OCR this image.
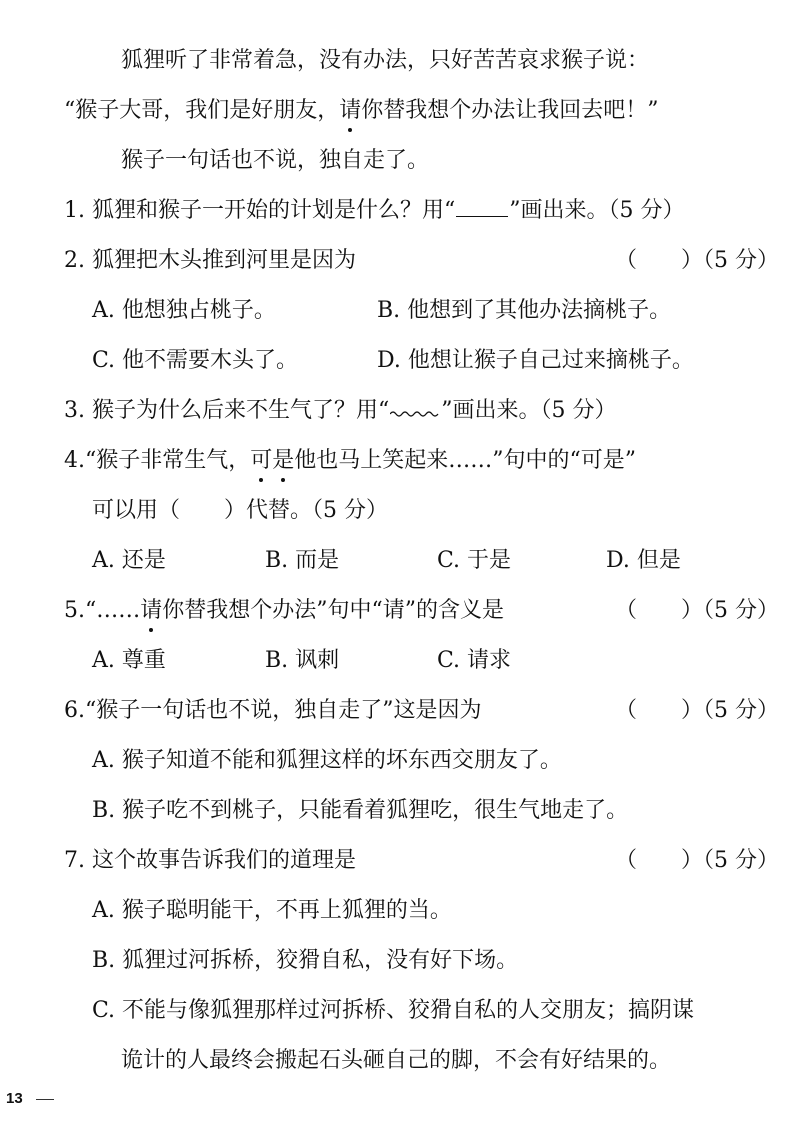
狐狸听了非常着急，没有办法，只好苦苦哀求猴子说：
“猴子大哥，我们是好朋友，请你替我想个办法让我回去吧！”
猴子一句话也不说，独自走了。
1. 狐狸和猴子一开始的计划是什么？用“ ”画出来。（5 分）
2. 狐狸把木头推到河里是因为	（　　）（5 分）
A. 他想独占桃子。	B. 他想到了其他办法摘桃子。
C. 他不需要木头了。	D. 他想让猴子自己过来摘桃子。
3. 猴子为什么后来不生气了？用“ ”画出来。（5 分）
4.“猴子非常生气，可是他也马上笑起来……”句中的“可是”
可以用（　　）代替。（5 分）
A. 还是	B. 而是	C. 于是	D. 但是
5.“……请你替我想个办法”句中“请”的含义是	（　　）（5 分）
A. 尊重	B. 讽刺	C. 请求
6.“猴子一句话也不说，独自走了”这是因为	（　　）（5 分）
A. 猴子知道不能和狐狸这样的坏东西交朋友了。
B. 猴子吃不到桃子，只能看着狐狸吃，很生气地走了。
7. 这个故事告诉我们的道理是	（　　）（5 分）
A. 猴子聪明能干，不再上狐狸的当。
B. 狐狸过河拆桥，狡猾自私，没有好下场。
C. 不能与像狐狸那样过河拆桥、狡猾自私的人交朋友；搞阴谋
诡计的人最终会搬起石头砸自己的脚，不会有好结果的。
13
